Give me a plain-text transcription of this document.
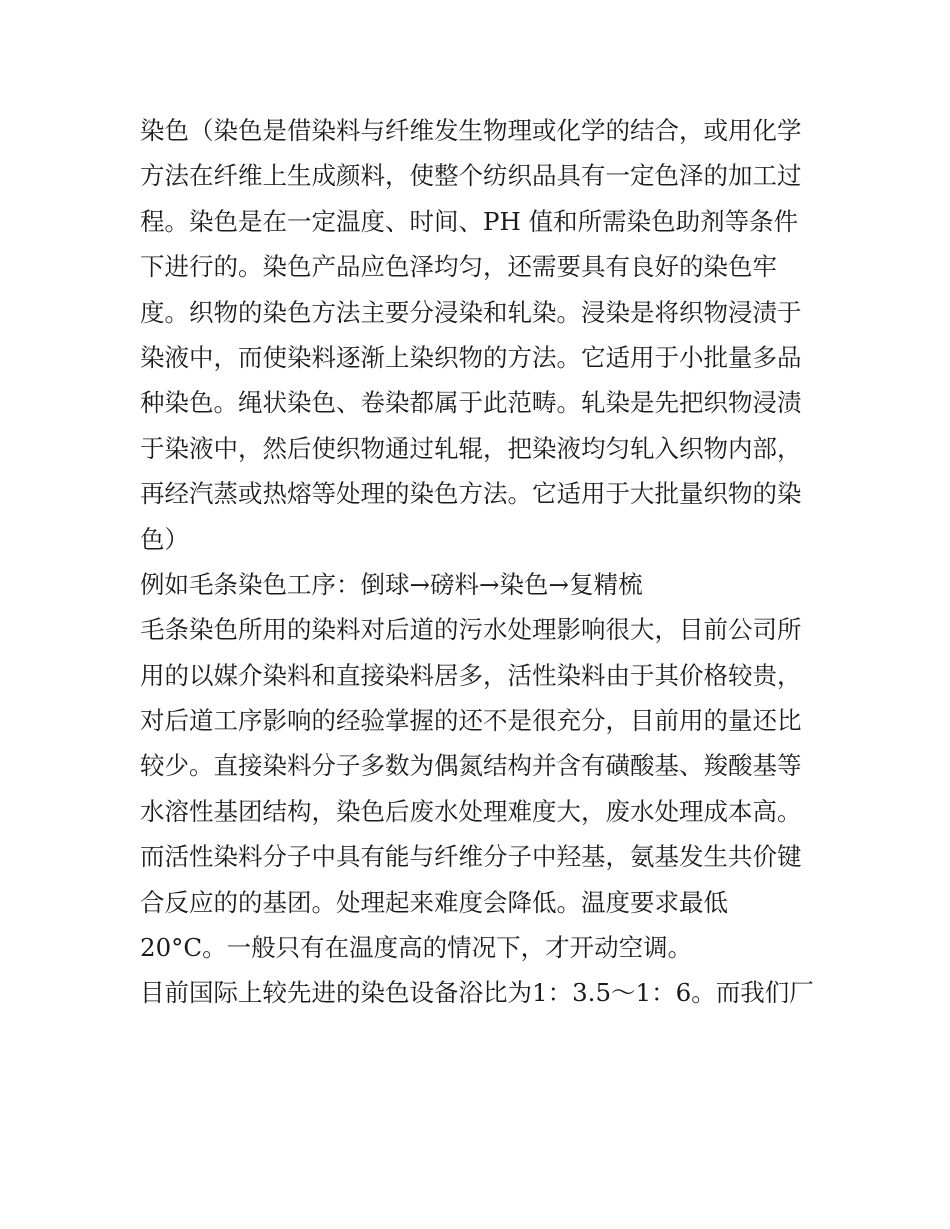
染色（染色是借染料与纤维发生物理或化学的结合，或用化学
方法在纤维上生成颜料，使整个纺织品具有一定色泽的加工过
程。染色是在一定温度、时间、PH 值和所需染色助剂等条件
下进行的。染色产品应色泽均匀，还需要具有良好的染色牢
度。织物的染色方法主要分浸染和轧染。浸染是将织物浸渍于
染液中，而使染料逐渐上染织物的方法。它适用于小批量多品
种染色。绳状染色、卷染都属于此范畴。轧染是先把织物浸渍
于染液中，然后使织物通过轧辊，把染液均匀轧入织物内部，
再经汽蒸或热熔等处理的染色方法。它适用于大批量织物的染
色）
例如毛条染色工序：倒球→磅料→染色→复精梳
毛条染色所用的染料对后道的污水处理影响很大，目前公司所
用的以媒介染料和直接染料居多，活性染料由于其价格较贵，
对后道工序影响的经验掌握的还不是很充分，目前用的量还比
较少。直接染料分子多数为偶氮结构并含有磺酸基、羧酸基等
水溶性基团结构，染色后废水处理难度大，废水处理成本高。
而活性染料分子中具有能与纤维分子中羟基，氨基发生共价键
合反应的的基团。处理起来难度会降低。温度要求最低
20°C。一般只有在温度高的情况下，才开动空调。
目前国际上较先进的染色设备浴比为1：3.5～1：6。而我们厂
